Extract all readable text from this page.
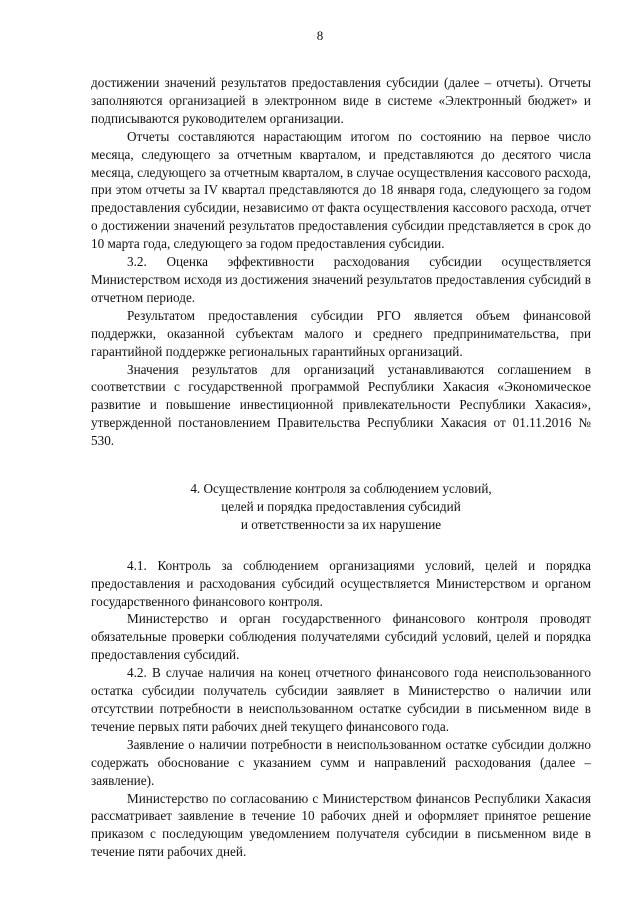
8

достижении значений результатов предоставления субсидии (далее – отчеты). Отчеты заполняются организацией в электронном виде в системе «Электронный бюджет» и подписываются руководителем организации.

Отчеты составляются нарастающим итогом по состоянию на первое число месяца, следующего за отчетным кварталом, и представляются до десятого числа месяца, следующего за отчетным кварталом, в случае осуществления кассового расхода, при этом отчеты за IV квартал представляются до 18 января года, следующего за годом предоставления субсидии, независимо от факта осуществления кассового расхода, отчет о достижении значений результатов предоставления субсидии представляется в срок до 10 марта года, следующего за годом предоставления субсидии.

3.2. Оценка эффективности расходования субсидии осуществляется Министерством исходя из достижения значений результатов предоставления субсидий в отчетном периоде.

Результатом предоставления субсидии РГО является объем финансовой поддержки, оказанной субъектам малого и среднего предпринимательства, при гарантийной поддержке региональных гарантийных организаций.

Значения результатов для организаций устанавливаются соглашением в соответствии с государственной программой Республики Хакасия «Экономическое развитие и повышение инвестиционной привлекательности Республики Хакасия», утвержденной постановлением Правительства Республики Хакасия от 01.11.2016 № 530.

4. Осуществление контроля за соблюдением условий,
целей и порядка предоставления субсидий
и ответственности за их нарушение

4.1. Контроль за соблюдением организациями условий, целей и порядка предоставления и расходования субсидий осуществляется Министерством и органом государственного финансового контроля.

Министерство и орган государственного финансового контроля проводят обязательные проверки соблюдения получателями субсидий условий, целей и порядка предоставления субсидий.

4.2. В случае наличия на конец отчетного финансового года неиспользованного остатка субсидии получатель субсидии заявляет в Министерство о наличии или отсутствии потребности в неиспользованном остатке субсидии в письменном виде в течение первых пяти рабочих дней текущего финансового года.

Заявление о наличии потребности в неиспользованном остатке субсидии должно содержать обоснование с указанием сумм и направлений расходования (далее – заявление).

Министерство по согласованию с Министерством финансов Республики Хакасия рассматривает заявление в течение 10 рабочих дней и оформляет принятое решение приказом с последующим уведомлением получателя субсидии в письменном виде в течение пяти рабочих дней.
